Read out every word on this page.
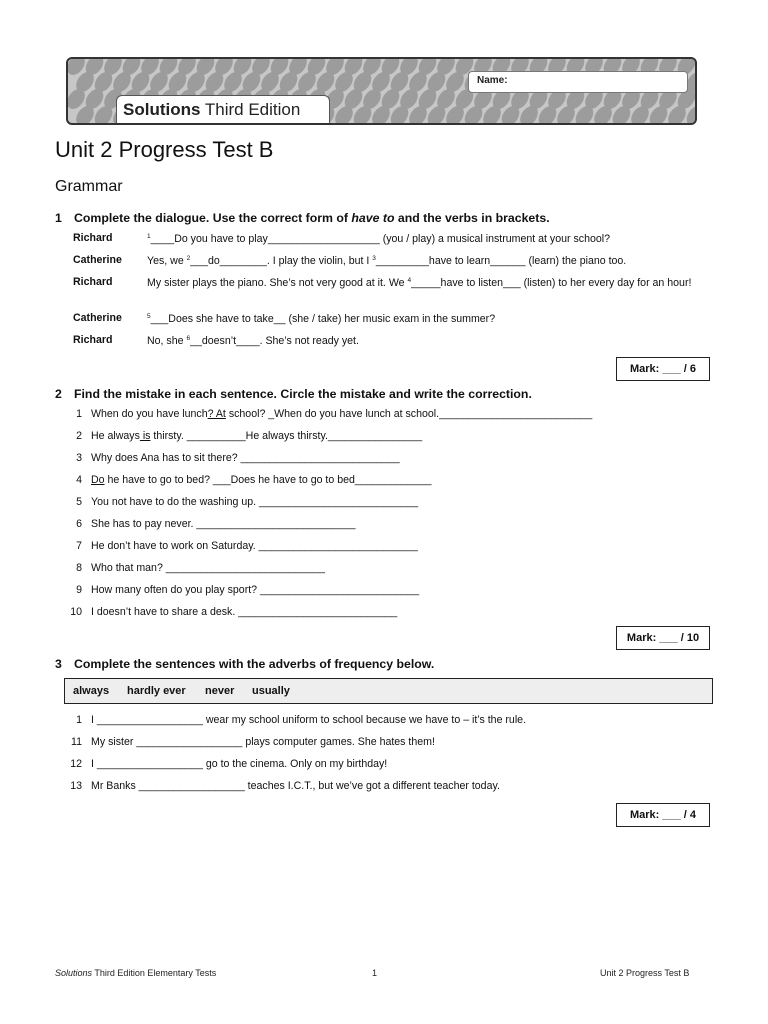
Name:
Solutions Third Edition
Unit 2 Progress Test B
Grammar
1 Complete the dialogue. Use the correct form of have to and the verbs in brackets.
Richard	$^1$____Do you have to play___________________ (you / play) a musical instrument at your school?
Catherine	Yes, we $^2$___do________. I play the violin, but I $^3$_________have to learn______ (learn) the piano too.
Richard	My sister plays the piano. She’s not very good at it. We $^4$_____have to listen___ (listen) to her every day for an hour!
Catherine	$^5$___Does she have to take__ (she / take) her music exam in the summer?
Richard	No, she $^6$__doesn’t____. She’s not ready yet.
Mark: ___ / 6
2 Find the mistake in each sentence. Circle the mistake and write the correction.
1 When do you have lunch? At school? _When do you have lunch at school.__________________________
2 He always is thirsty. __________He always thirsty.________________
3 Why does Ana has to sit there? ___________________________
4 Do he have to go to bed? ___Does he have to go to bed_____________
5 You not have to do the washing up. ___________________________
6 She has to pay never. ___________________________
7 He don’t have to work on Saturday. ___________________________
8 Who that man? ___________________________
9 How many often do you play sport? ___________________________
10 I doesn’t have to share a desk. ___________________________
Mark: ___ / 10
3 Complete the sentences with the adverbs of frequency below.
always hardly ever never usually
1 I __________________ wear my school uniform to school because we have to – it’s the rule.
11 My sister __________________ plays computer games. She hates them!
12 I __________________ go to the cinema. Only on my birthday!
13 Mr Banks __________________ teaches I.C.T., but we’ve got a different teacher today.
Mark: ___ / 4
Solutions Third Edition Elementary Tests	1	Unit 2 Progress Test B
